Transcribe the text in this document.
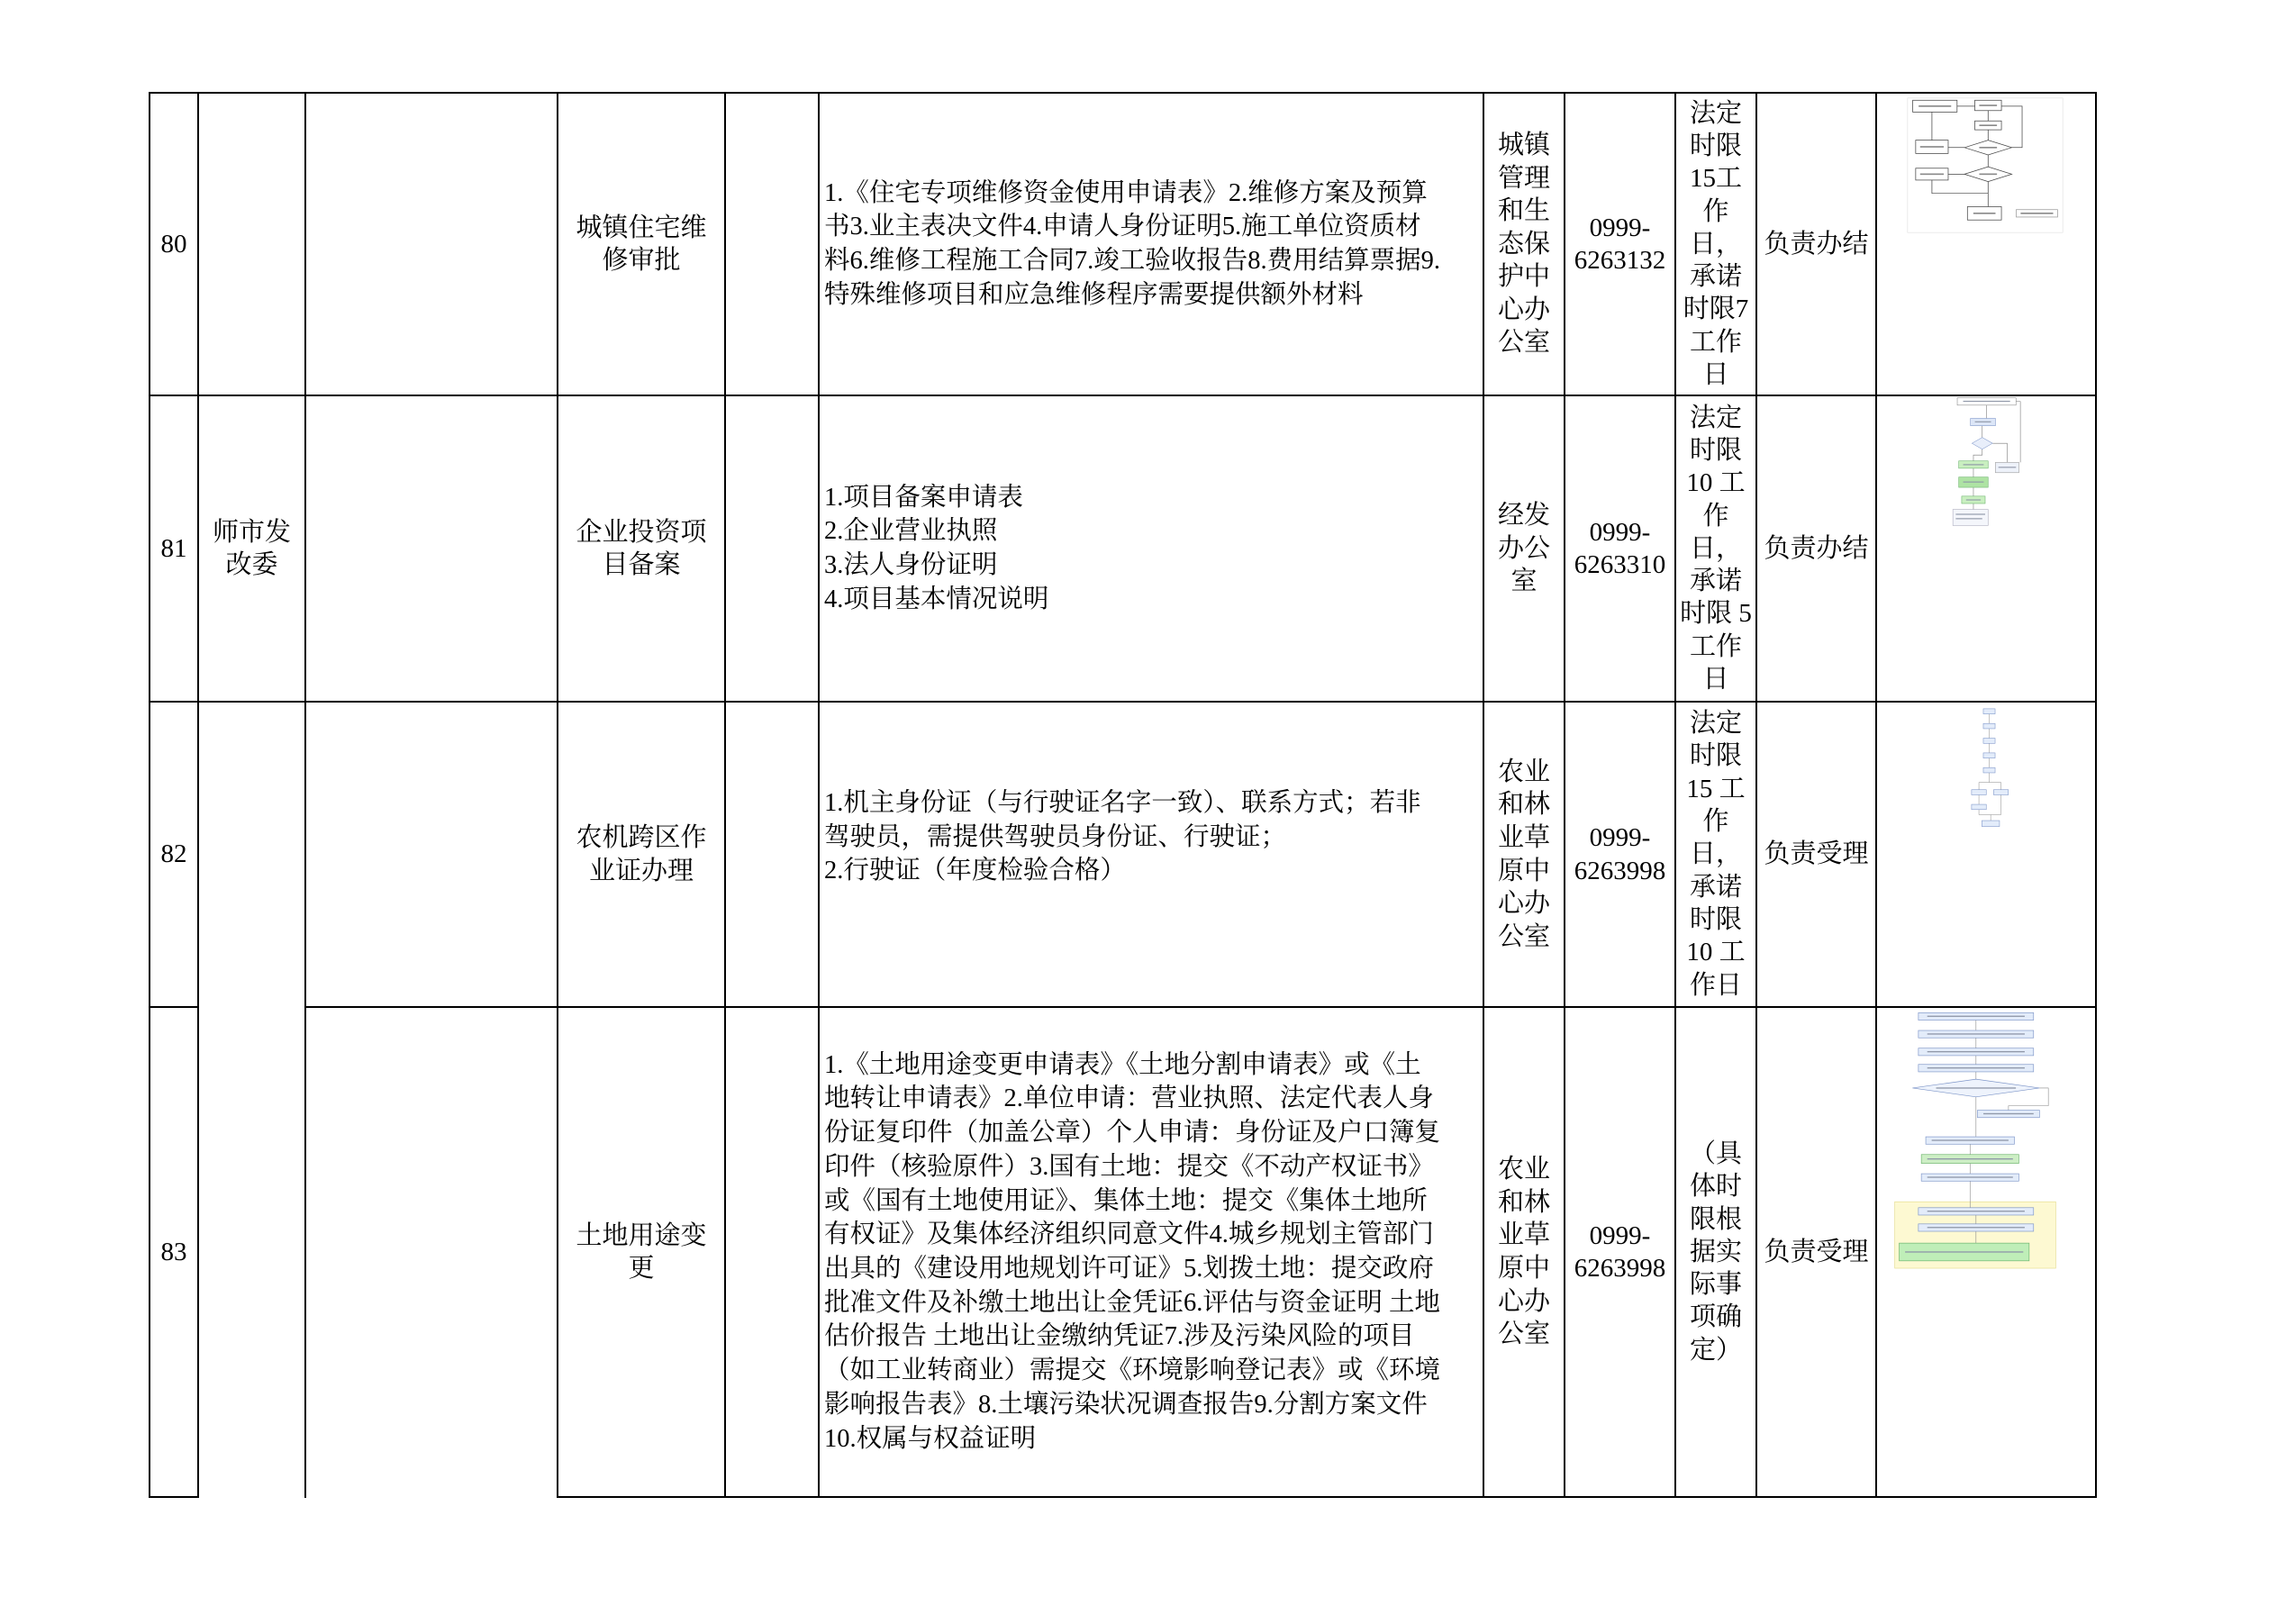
80
城镇住宅维
修审批
1.《住宅专项维修资金使用申请表》2.维修方案及预算
书3.业主表决文件4.申请人身份证明5.施工单位资质材
料6.维修工程施工合同7.竣工验收报告8.费用结算票据9.
特殊维修项目和应急维修程序需要提供额外材料
城镇
管理
和生
态保
护中
心办
公室
0999-
6263132
法定
时限
15工
作
日，
承诺
时限7
工作
日
负责办结
81
师市发
改委
企业投资项
目备案
1.项目备案申请表
2.企业营业执照
3.法人身份证明
4.项目基本情况说明
经发
办公
室
0999-
6263310
法定
时限
10 工
作
日，
承诺
时限 5
工作
日
负责办结
82
农机跨区作
业证办理
1.机主身份证（与行驶证名字一致）、联系方式；若非
驾驶员，需提供驾驶员身份证、行驶证；
2.行驶证（年度检验合格）
农业
和林
业草
原中
心办
公室
0999-
6263998
法定
时限
15 工
作
日，
承诺
时限
10 工
作日
负责受理
83
土地用途变
更
1.《土地用途变更申请表》《土地分割申请表》或《土
地转让申请表》2.单位申请：营业执照、法定代表人身
份证复印件（加盖公章）个人申请：身份证及户口簿复
印件（核验原件）3.国有土地：提交《不动产权证书》
或《国有土地使用证》、集体土地：提交《集体土地所
有权证》及集体经济组织同意文件4.城乡规划主管部门
出具的《建设用地规划许可证》5.划拨土地：提交政府
批准文件及补缴土地出让金凭证6.评估与资金证明 土地
估价报告 土地出让金缴纳凭证7.涉及污染风险的项目
（如工业转商业）需提交《环境影响登记表》或《环境
影响报告表》8.土壤污染状况调查报告9.分割方案文件
10.权属与权益证明
农业
和林
业草
原中
心办
公室
0999-
6263998
（具
体时
限根
据实
际事
项确
定）
负责受理
